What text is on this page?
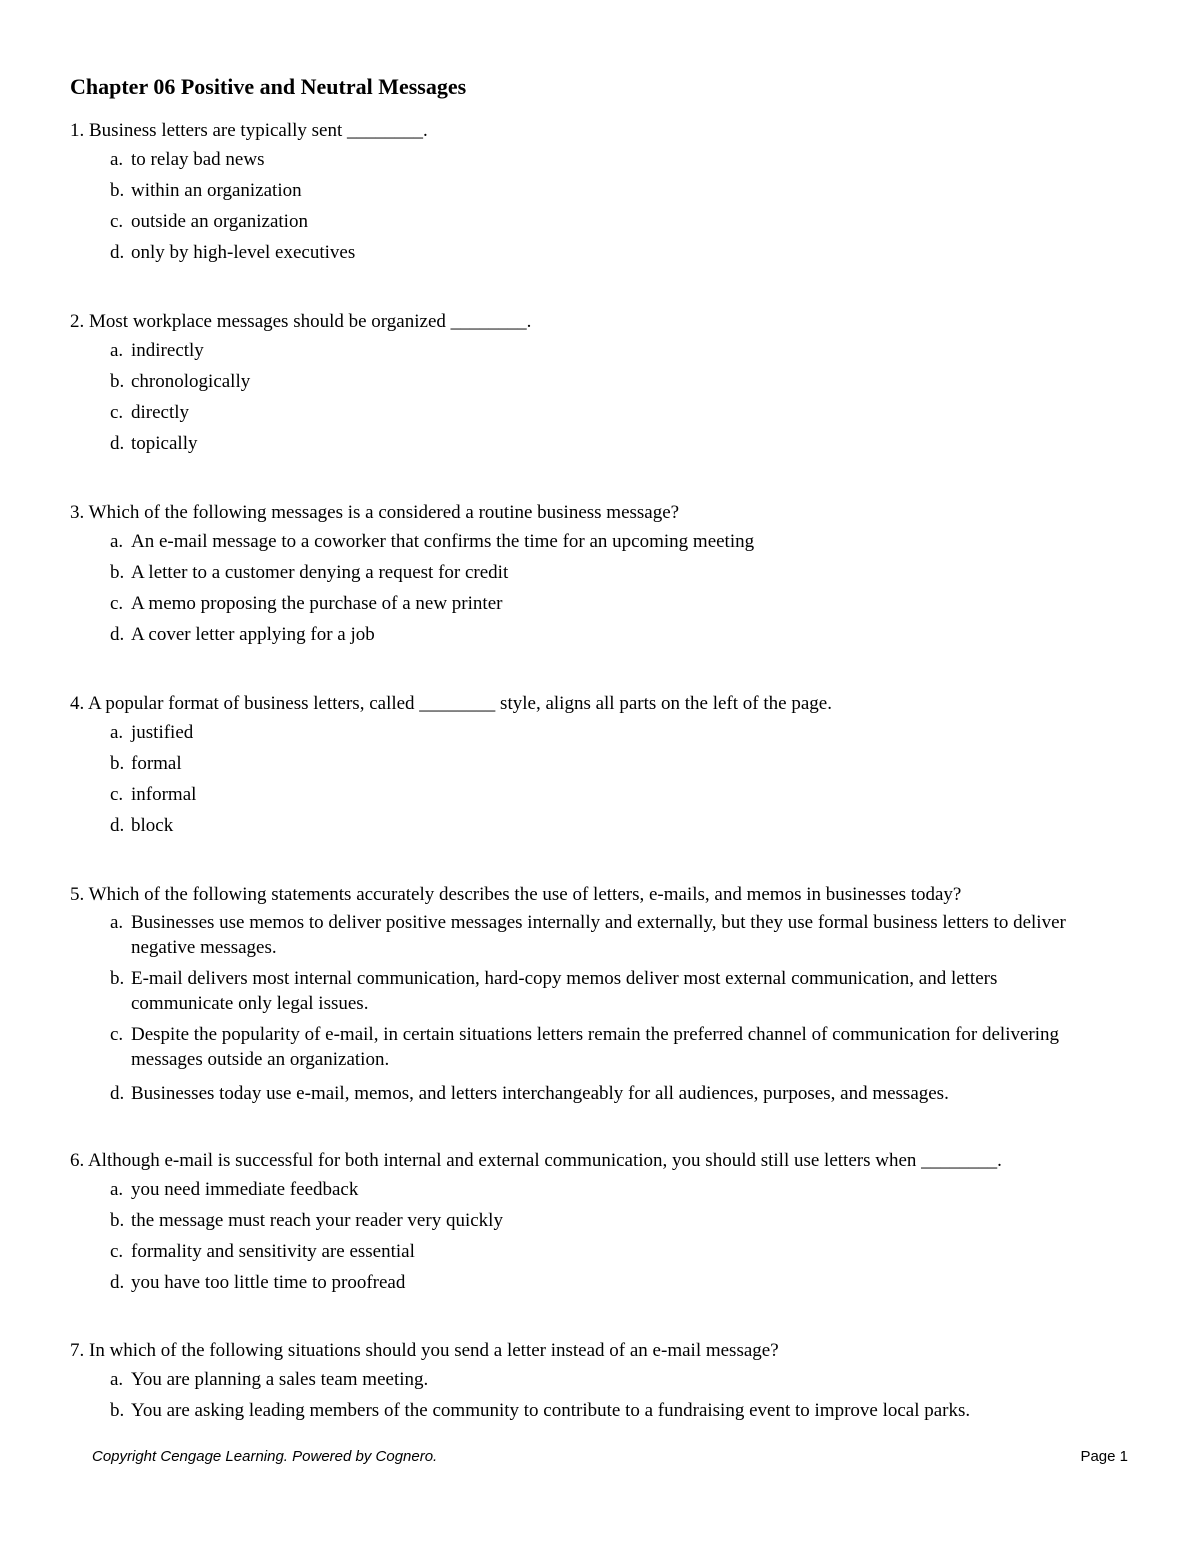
Chapter 06 Positive and Neutral Messages
1. Business letters are typically sent ________.
a. to relay bad news
b. within an organization
c. outside an organization
d. only by high-level executives
2. Most workplace messages should be organized ________.
a. indirectly
b. chronologically
c. directly
d. topically
3. Which of the following messages is a considered a routine business message?
a. An e-mail message to a coworker that confirms the time for an upcoming meeting
b. A letter to a customer denying a request for credit
c. A memo proposing the purchase of a new printer
d. A cover letter applying for a job
4. A popular format of business letters, called ________ style, aligns all parts on the left of the page.
a. justified
b. formal
c. informal
d. block
5. Which of the following statements accurately describes the use of letters, e-mails, and memos in businesses today?
a. Businesses use memos to deliver positive messages internally and externally, but they use formal business letters to deliver negative messages.
b. E-mail delivers most internal communication, hard-copy memos deliver most external communication, and letters communicate only legal issues.
c. Despite the popularity of e-mail, in certain situations letters remain the preferred channel of communication for delivering messages outside an organization.
d. Businesses today use e-mail, memos, and letters interchangeably for all audiences, purposes, and messages.
6. Although e-mail is successful for both internal and external communication, you should still use letters when ________.
a. you need immediate feedback
b. the message must reach your reader very quickly
c. formality and sensitivity are essential
d. you have too little time to proofread
7. In which of the following situations should you send a letter instead of an e-mail message?
a. You are planning a sales team meeting.
b. You are asking leading members of the community to contribute to a fundraising event to improve local parks.
Copyright Cengage Learning. Powered by Cognero.	Page 1
